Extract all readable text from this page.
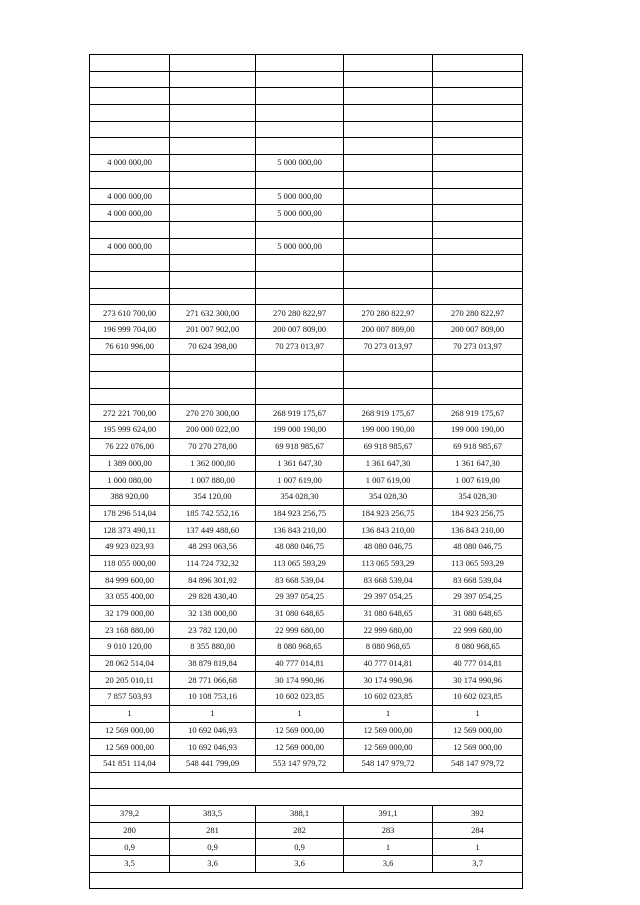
4 000 000,00		5 000 000,00		

4 000 000,00		5 000 000,00		
4 000 000,00		5 000 000,00		

4 000 000,00		5 000 000,00		

273 610 700,00	271 632 300,00	270 280 822,97	270 280 822,97	270 280 822,97
196 999 704,00	201 007 902,00	200 007 809,00	200 007 809,00	200 007 809,00
76 610 996,00	70 624 398,00	70 273 013,97	70 273 013,97	70 273 013,97

272 221 700,00	270 270 300,00	268 919 175,67	268 919 175,67	268 919 175,67
195 999 624,00	200 000 022,00	199 000 190,00	199 000 190,00	199 000 190,00
76 222 076,00	70 270 278,00	69 918 985,67	69 918 985,67	69 918 985,67
1 389 000,00	1 362 000,00	1 361 647,30	1 361 647,30	1 361 647,30
1 000 080,00	1 007 880,00	1 007 619,00	1 007 619,00	1 007 619,00
388 920,00	354 120,00	354 028,30	354 028,30	354 028,30
178 296 514,04	185 742 552,16	184 923 256,75	184 923 256,75	184 923 256,75
128 373 490,11	137 449 488,60	136 843 210,00	136 843 210,00	136 843 210,00
49 923 023,93	48 293 063,56	48 080 046,75	48 080 046,75	48 080 046,75
118 055 000,00	114 724 732,32	113 065 593,29	113 065 593,29	113 065 593,29
84 999 600,00	84 896 301,92	83 668 539,04	83 668 539,04	83 668 539,04
33 055 400,00	29 828 430,40	29 397 054,25	29 397 054,25	29 397 054,25
32 179 000,00	32 138 000,00	31 080 648,65	31 080 648,65	31 080 648,65
23 168 880,00	23 782 120,00	22 999 680,00	22 999 680,00	22 999 680,00
9 010 120,00	8 355 880,00	8 080 968,65	8 080 968,65	8 080 968,65
28 062 514,04	38 879 819,84	40 777 014,81	40 777 014,81	40 777 014,81
20 205 010,11	28 771 066,68	30 174 990,96	30 174 990,96	30 174 990,96
7 857 503,93	10 108 753,16	10 602 023,85	10 602 023,85	10 602 023,85
1	1	1	1	1
12 569 000,00	10 692 046,93	12 569 000,00	12 569 000,00	12 569 000,00
12 569 000,00	10 692 046,93	12 569 000,00	12 569 000,00	12 569 000,00
541 851 114,04	548 441 799,09	553 147 979,72	548 147 979,72	548 147 979,72

379,2	383,5	388,1	391,1	392
280	281	282	283	284
0,9	0,9	0,9	1	1
3,5	3,6	3,6	3,6	3,7
